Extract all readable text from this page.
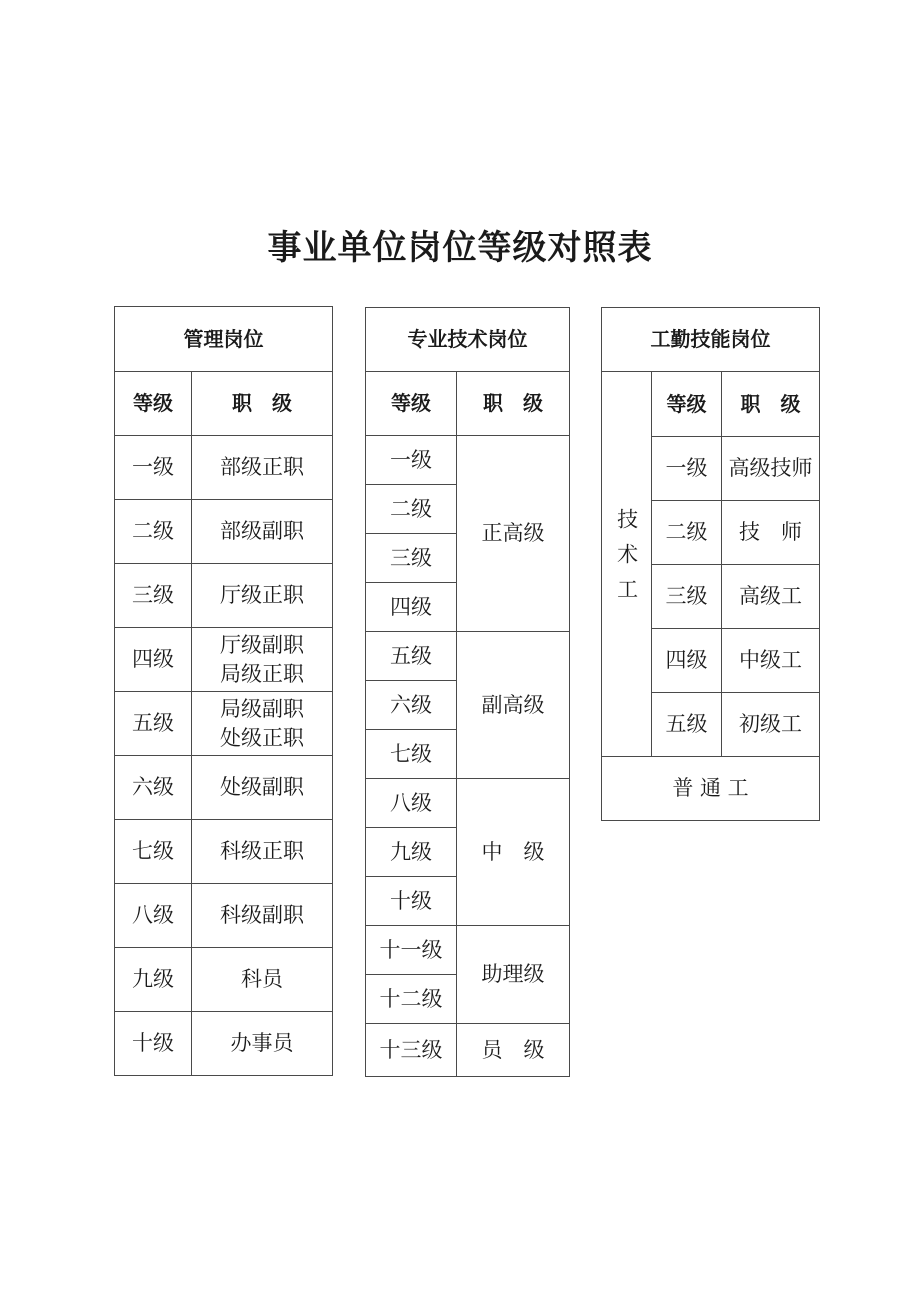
事业单位岗位等级对照表
管理岗位	
等级	职　级
一级	部级正职
二级	部级副职
三级	厅级正职
四级	厅级副职
局级正职

五级	局级副职
处级正职

六级	处级副职
七级	科级正职
八级	科级副职
九级	科员
十级	办事员
专业技术岗位	
等级	职　级
一级	正高级
二级	
三级	
四级	
五级	副高级
六级	
七级	
八级	中　级
九级	
十级	
十一级	助理级
十二级	
十三级	员　级
工勤技能岗位		
技术工	等级	职　级
	一级	高级技师
	二级	技　师
	三级	高级工
	四级	中级工
	五级	初级工
普 通 工		
